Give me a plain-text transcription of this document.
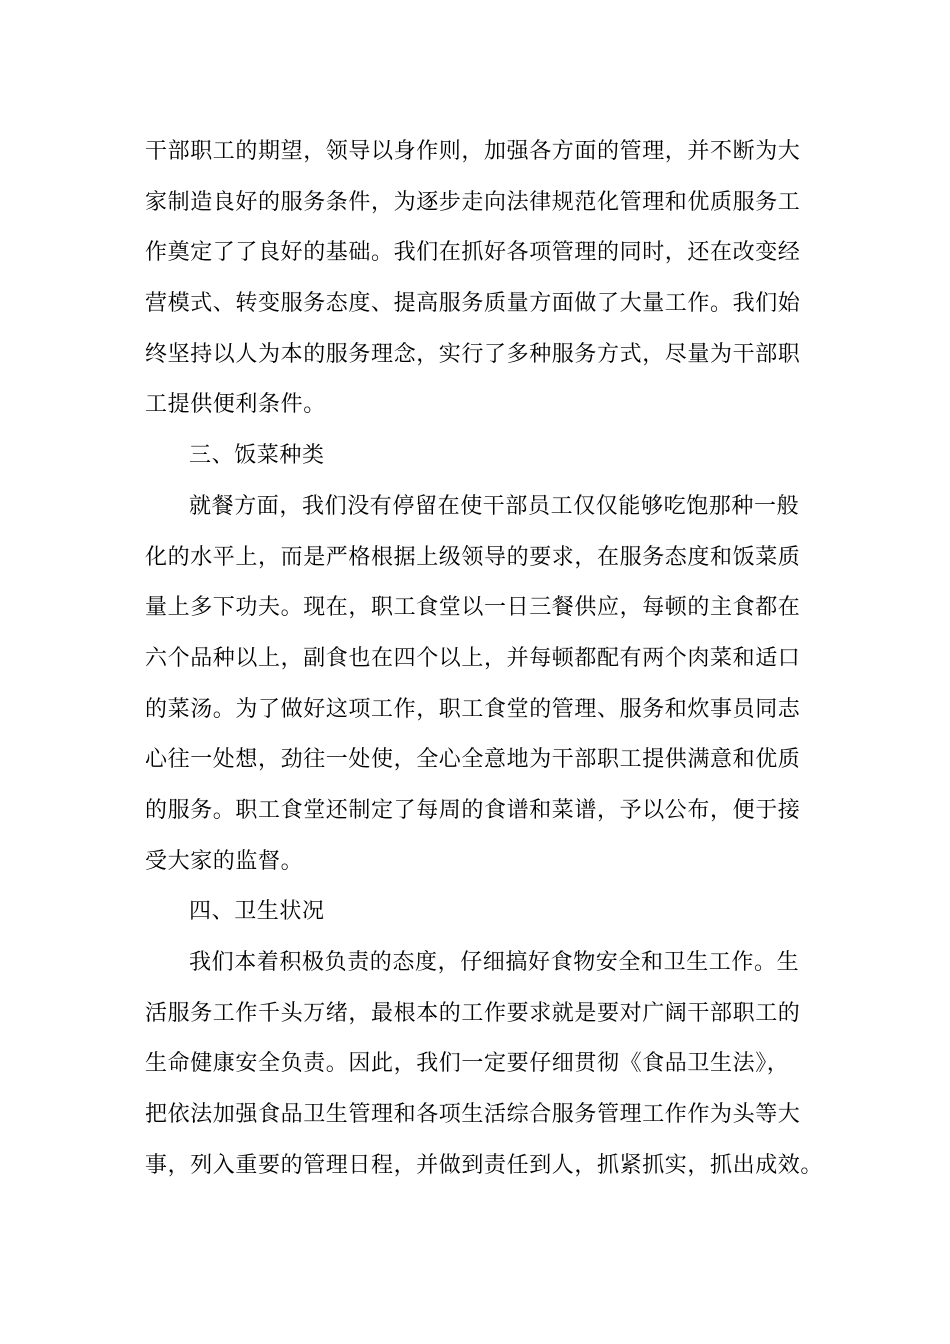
干部职工的期望，领导以身作则，加强各方面的管理，并不断为大
家制造良好的服务条件，为逐步走向法律规范化管理和优质服务工
作奠定了了良好的基础。我们在抓好各项管理的同时，还在改变经
营模式、转变服务态度、提高服务质量方面做了大量工作。我们始
终坚持以人为本的服务理念，实行了多种服务方式，尽量为干部职
工提供便利条件。
三、饭菜种类
就餐方面，我们没有停留在使干部员工仅仅能够吃饱那种一般
化的水平上，而是严格根据上级领导的要求，在服务态度和饭菜质
量上多下功夫。现在，职工食堂以一日三餐供应，每顿的主食都在
六个品种以上，副食也在四个以上，并每顿都配有两个肉菜和适口
的菜汤。为了做好这项工作，职工食堂的管理、服务和炊事员同志
心往一处想，劲往一处使，全心全意地为干部职工提供满意和优质
的服务。职工食堂还制定了每周的食谱和菜谱，予以公布，便于接
受大家的监督。
四、卫生状况
我们本着积极负责的态度，仔细搞好食物安全和卫生工作。生
活服务工作千头万绪，最根本的工作要求就是要对广阔干部职工的
生命健康安全负责。因此，我们一定要仔细贯彻《食品卫生法》，
把依法加强食品卫生管理和各项生活综合服务管理工作作为头等大
事，列入重要的管理日程，并做到责任到人，抓紧抓实，抓出成效。
